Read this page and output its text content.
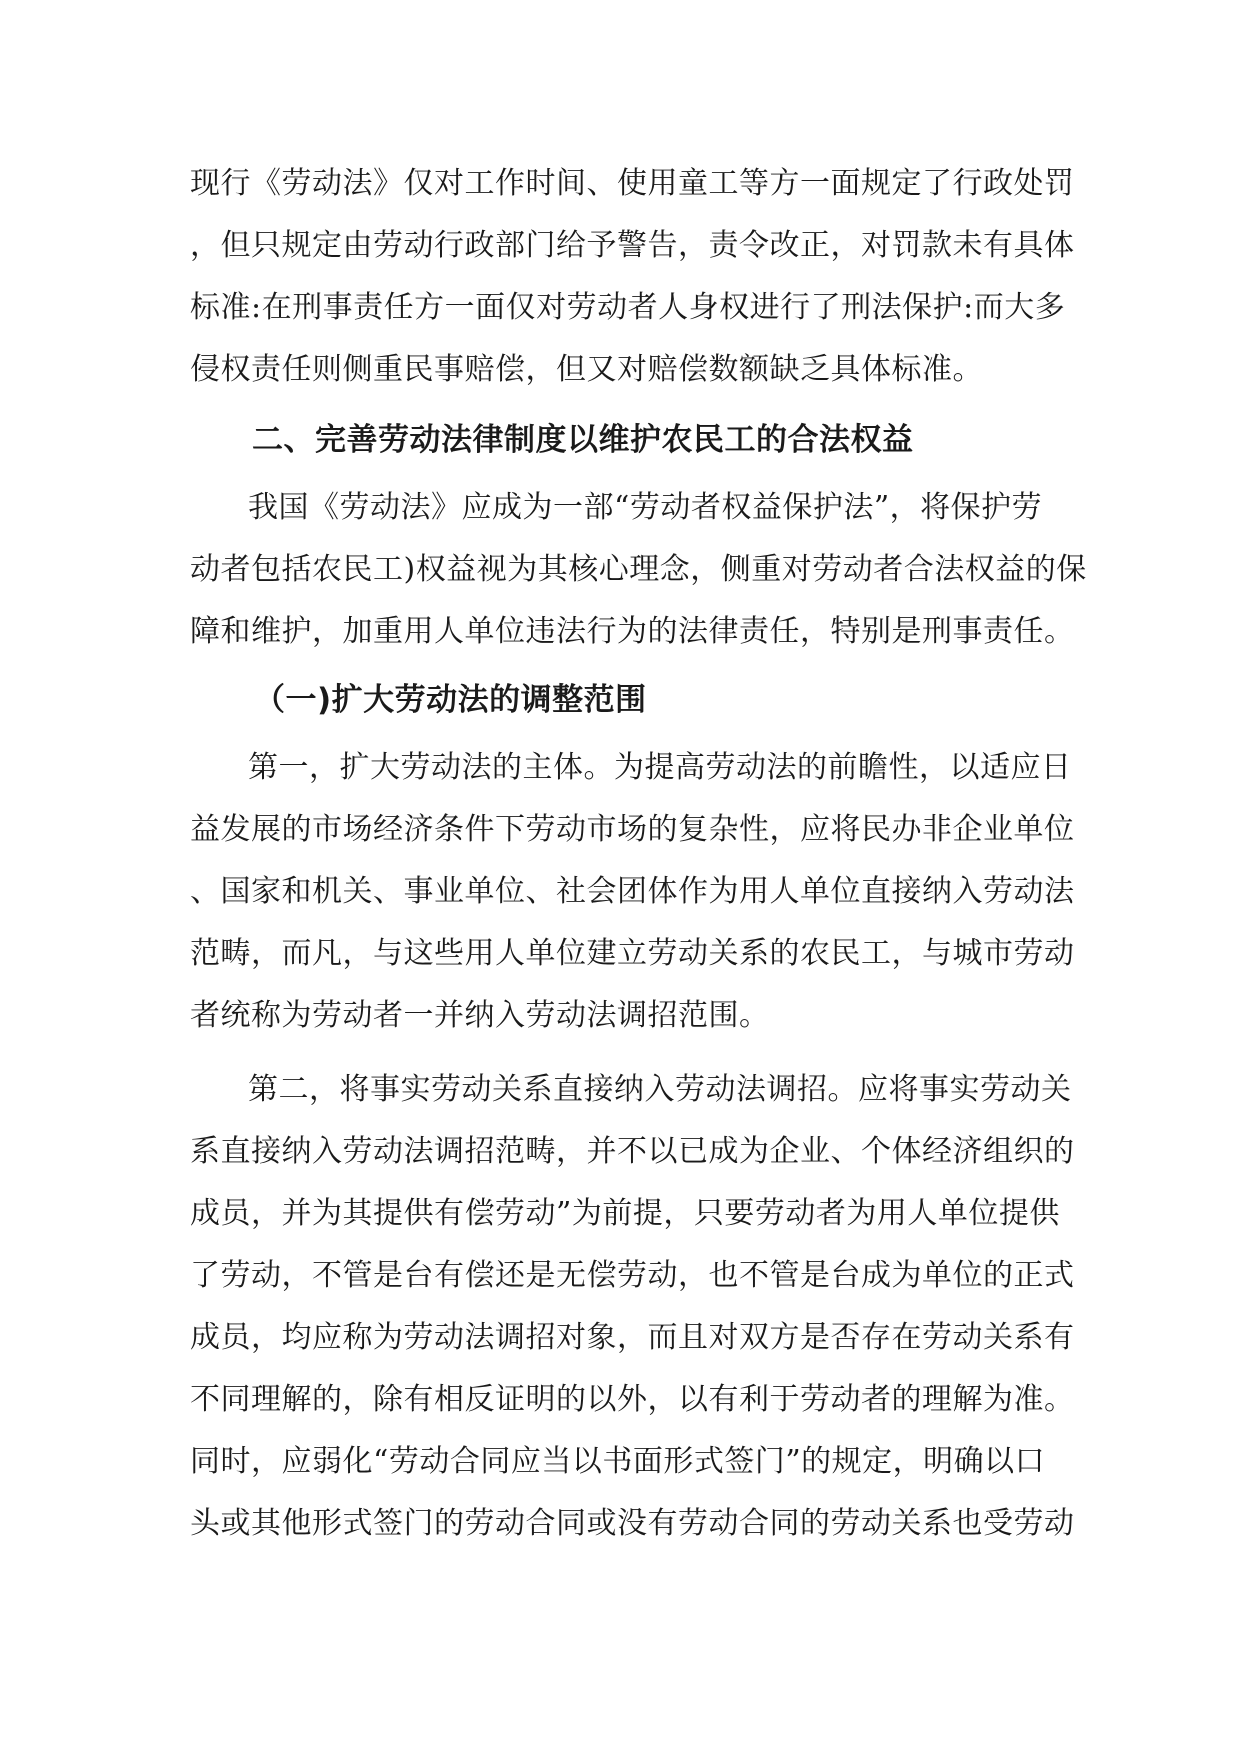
现行《劳动法》仅对工作时间、使用童工等方一面规定了行政处罚
，但只规定由劳动行政部门给予警告，责令改正，对罚款未有具体
标准:在刑事责任方一面仅对劳动者人身权进行了刑法保护:而大多
侵权责任则侧重民事赔偿，但又对赔偿数额缺乏具体标准。
二、完善劳动法律制度以维护农民工的合法权益
我国《劳动法》应成为一部“劳动者权益保护法”，将保护劳
动者包括农民工)权益视为其核心理念，侧重对劳动者合法权益的保
障和维护，加重用人单位违法行为的法律责任，特别是刑事责任。
（一)扩大劳动法的调整范围
第一，扩大劳动法的主体。为提高劳动法的前瞻性，以适应日
益发展的市场经济条件下劳动市场的复杂性，应将民办非企业单位
、国家和机关、事业单位、社会团体作为用人单位直接纳入劳动法
范畴，而凡，与这些用人单位建立劳动关系的农民工，与城市劳动
者统称为劳动者一并纳入劳动法调招范围。
第二，将事实劳动关系直接纳入劳动法调招。应将事实劳动关
系直接纳入劳动法调招范畴，并不以已成为企业、个体经济组织的
成员，并为其提供有偿劳动”为前提，只要劳动者为用人单位提供
了劳动，不管是台有偿还是无偿劳动，也不管是台成为单位的正式
成员，均应称为劳动法调招对象，而且对双方是否存在劳动关系有
不同理解的，除有相反证明的以外，以有利于劳动者的理解为准。
同时，应弱化“劳动合同应当以书面形式签门”的规定，明确以口
头或其他形式签门的劳动合同或没有劳动合同的劳动关系也受劳动
